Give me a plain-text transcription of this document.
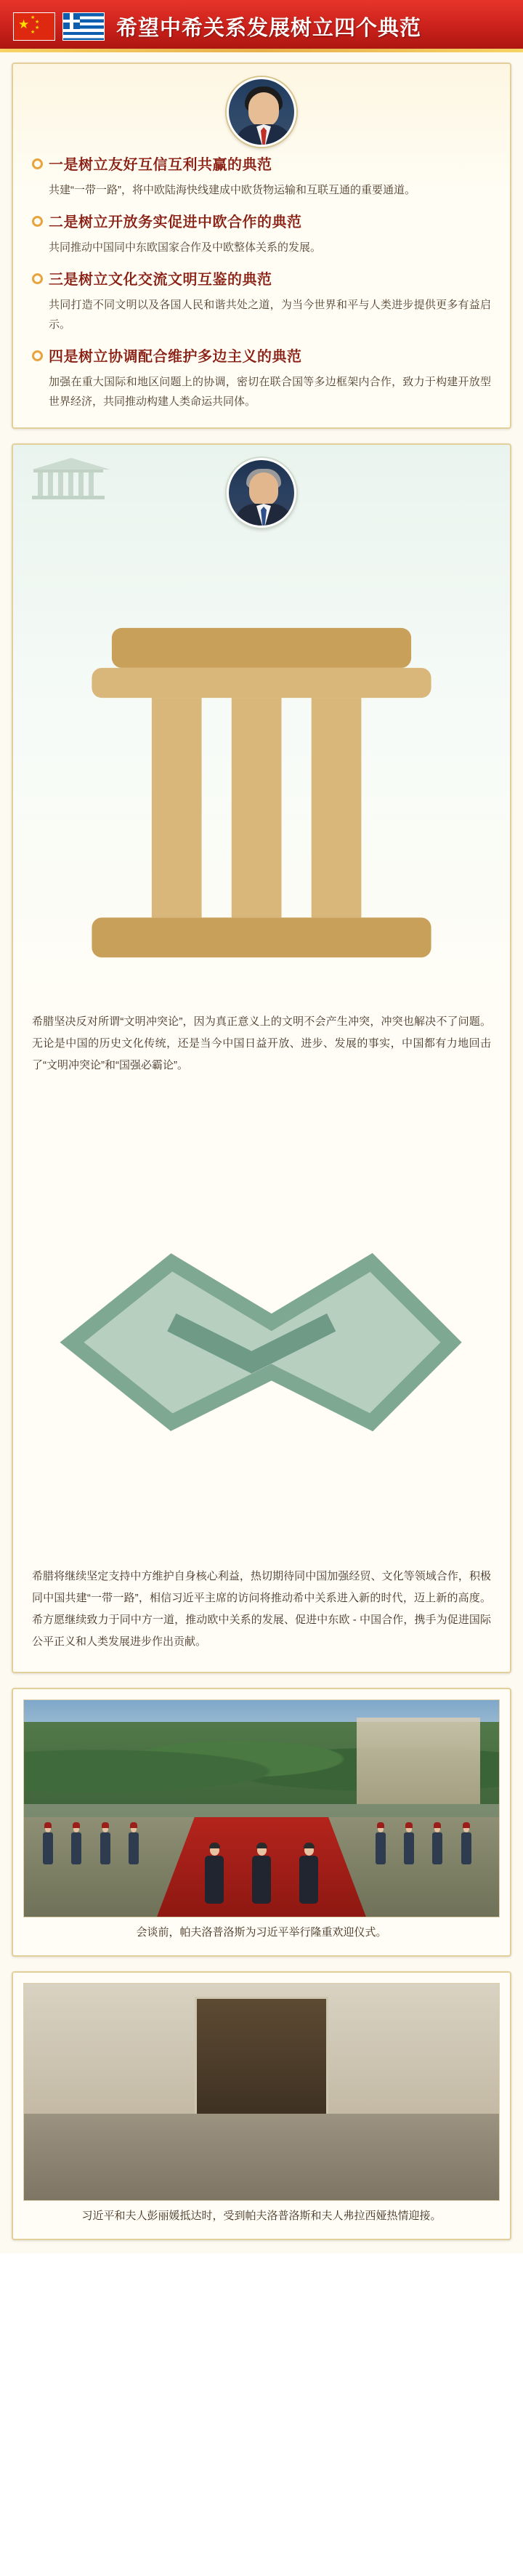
★ ★
★
★
★	希望中希关系发展树立四个典范
一是树立友好互信互利共赢的典范
共建“一带一路”，将中欧陆海快线建成中欧货物运输和互联互通的重要通道。
二是树立开放务实促进中欧合作的典范
共同推动中国同中东欧国家合作及中欧整体关系的发展。
三是树立文化交流文明互鉴的典范
共同打造不同文明以及各国人民和谐共处之道，为当今世界和平与人类进步提供更多有益启示。
四是树立协调配合维护多边主义的典范
加强在重大国际和地区问题上的协调，密切在联合国等多边框架内合作，致力于构建开放型世界经济，共同推动构建人类命运共同体。
希腊坚决反对所谓“文明冲突论”，因为真正意义上的文明不会产生冲突，冲突也解决不了问题。无论是中国的历史文化传统，还是当今中国日益开放、进步、发展的事实，中国都有力地回击了“文明冲突论”和“国强必霸论”。
希腊将继续坚定支持中方维护自身核心利益，热切期待同中国加强经贸、文化等领域合作，积极同中国共建“一带一路”，相信习近平主席的访问将推动希中关系进入新的时代，迈上新的高度。希方愿继续致力于同中方一道，推动欧中关系的发展、促进中东欧 - 中国合作，携手为促进国际公平正义和人类发展进步作出贡献。
会谈前，帕夫洛普洛斯为习近平举行隆重欢迎仪式。
习近平和夫人彭丽媛抵达时，受到帕夫洛普洛斯和夫人弗拉西娅热情迎接。
